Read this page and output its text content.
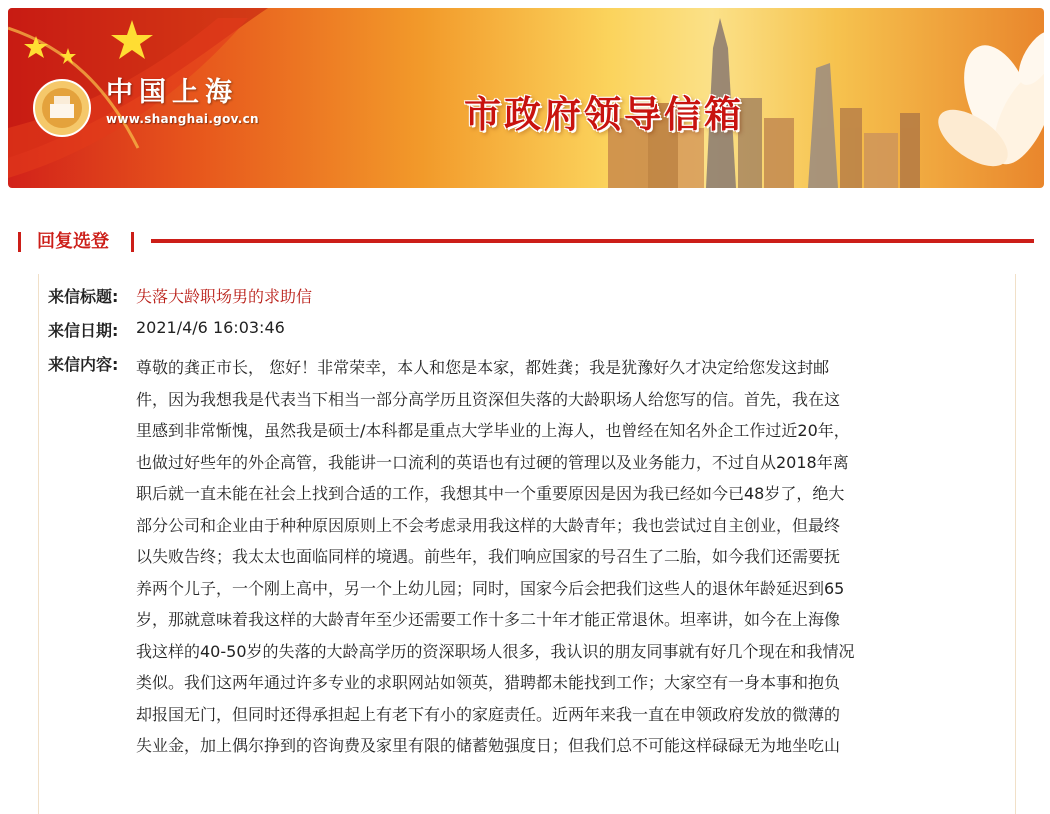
中国上海
www.shanghai.gov.cn	市政府领导信箱
回复选登
来信标题:	失落大龄职场男的求助信
来信日期:	2021/4/6 16:03:46
来信内容:	尊敬的龚正市长， 您好！非常荣幸，本人和您是本家，都姓龚；我是犹豫好久才决定给您发这封邮
件，因为我想我是代表当下相当一部分高学历且资深但失落的大龄职场人给您写的信。首先，我在这
里感到非常惭愧，虽然我是硕士/本科都是重点大学毕业的上海人，也曾经在知名外企工作过近20年，
也做过好些年的外企高管，我能讲一口流利的英语也有过硬的管理以及业务能力，不过自从2018年离
职后就一直未能在社会上找到合适的工作，我想其中一个重要原因是因为我已经如今已48岁了，绝大
部分公司和企业由于种种原因原则上不会考虑录用我这样的大龄青年；我也尝试过自主创业，但最终
以失败告终；我太太也面临同样的境遇。前些年，我们响应国家的号召生了二胎，如今我们还需要抚
养两个儿子，一个刚上高中，另一个上幼儿园；同时，国家今后会把我们这些人的退休年龄延迟到65
岁，那就意味着我这样的大龄青年至少还需要工作十多二十年才能正常退休。坦率讲，如今在上海像
我这样的40-50岁的失落的大龄高学历的资深职场人很多，我认识的朋友同事就有好几个现在和我情况
类似。我们这两年通过许多专业的求职网站如领英，猎聘都未能找到工作；大家空有一身本事和抱负
却报国无门，但同时还得承担起上有老下有小的家庭责任。近两年来我一直在申领政府发放的微薄的
失业金，加上偶尔挣到的咨询费及家里有限的储蓄勉强度日；但我们总不可能这样碌碌无为地坐吃山
